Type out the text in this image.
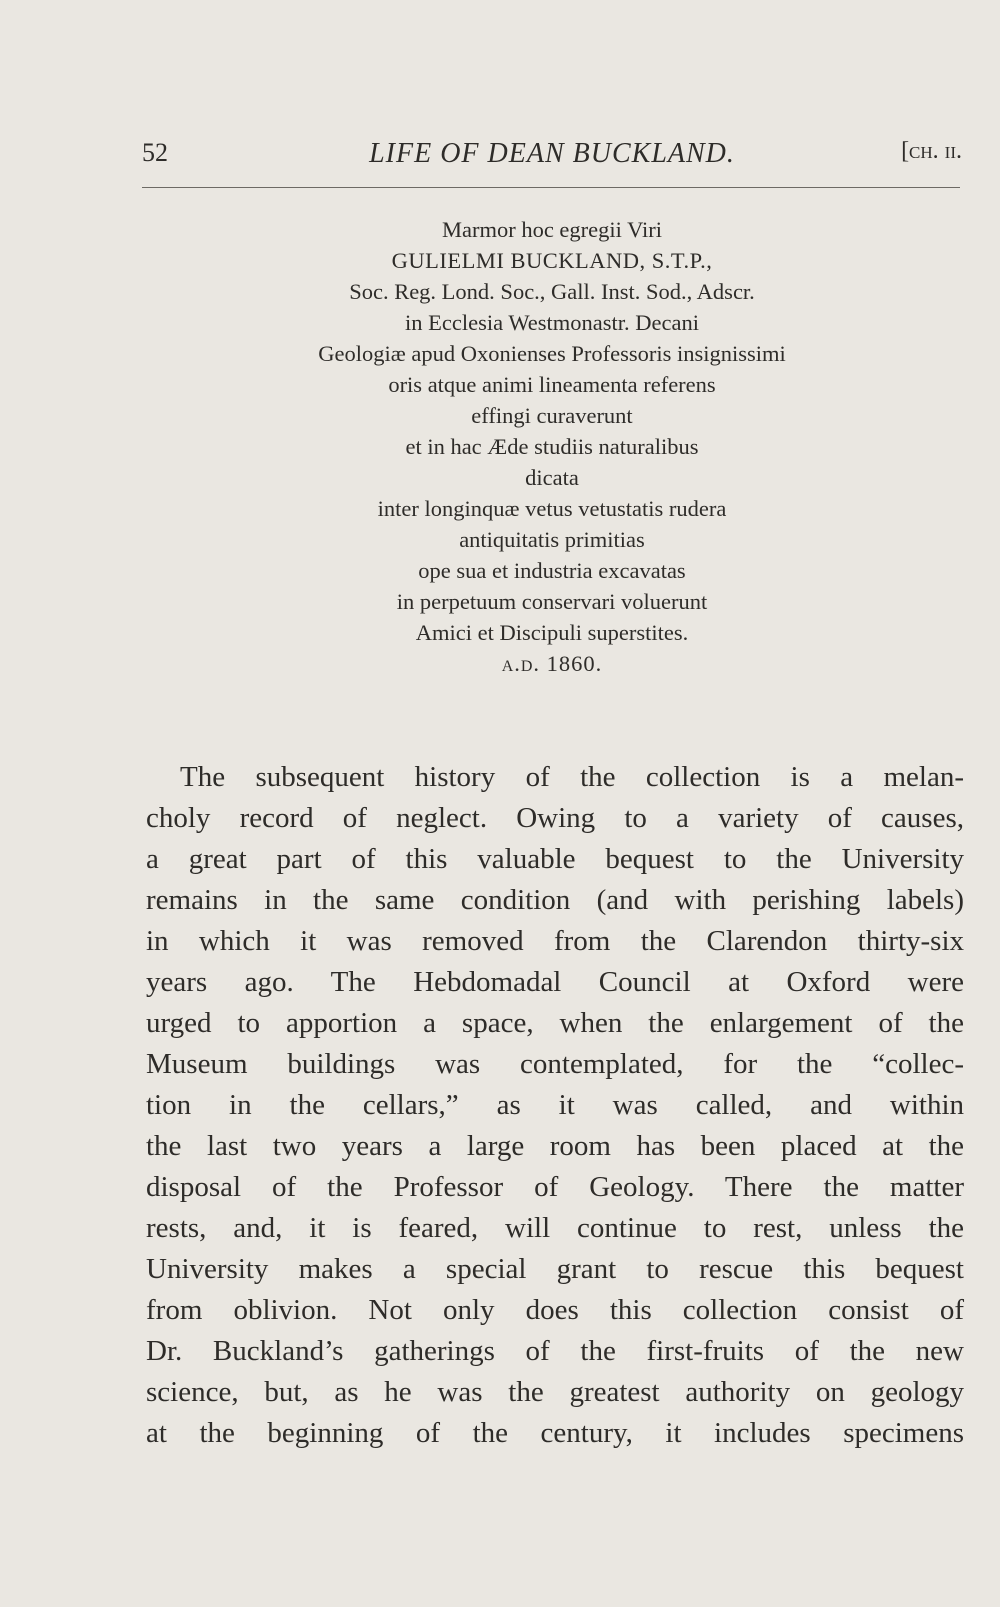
52	LIFE OF DEAN BUCKLAND.	[ch. ii.
Marmor hoc egregii Viri
GULIELMI BUCKLAND, S.T.P.,
Soc. Reg. Lond. Soc., Gall. Inst. Sod., Adscr.
in Ecclesia Westmonastr. Decani
Geologiæ apud Oxonienses Professoris insignissimi
oris atque animi lineamenta referens
effingi curaverunt
et in hac Æde studiis naturalibus
dicata
inter longinquæ vetus vetustatis rudera
antiquitatis primitias
ope sua et industria excavatas
in perpetuum conservari voluerunt
Amici et Discipuli superstites.
a.d. 1860.
The subsequent history of the collection is a melan-
choly record of neglect. Owing to a variety of causes,
a great part of this valuable bequest to the University
remains in the same condition (and with perishing labels)
in which it was removed from the Clarendon thirty-six
years ago. The Hebdomadal Council at Oxford were
urged to apportion a space, when the enlargement of the
Museum buildings was contemplated, for the “collec-
tion in the cellars,” as it was called, and within
the last two years a large room has been placed at the
disposal of the Professor of Geology. There the matter
rests, and, it is feared, will continue to rest, unless the
University makes a special grant to rescue this bequest
from oblivion. Not only does this collection consist of
Dr. Buckland’s gatherings of the first-fruits of the new
science, but, as he was the greatest authority on geology
at the beginning of the century, it includes specimens
